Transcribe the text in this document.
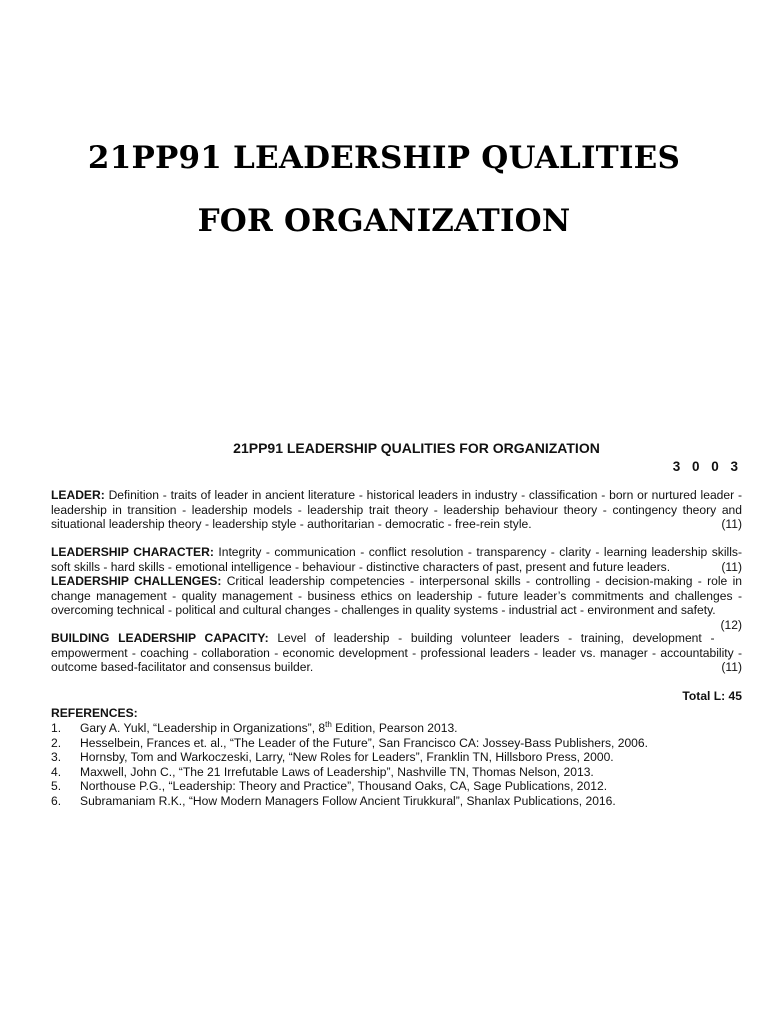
21PP91 LEADERSHIP QUALITIES
FOR ORGANIZATION

21PP91 LEADERSHIP QUALITIES FOR ORGANIZATION

3 0 0 3

LEADER: Definition - traits of leader in ancient literature - historical leaders in industry - classification - born or nurtured leader - leadership in transition - leadership models - leadership trait theory - leadership behaviour theory - contingency theory and situational leadership theory - leadership style - authoritarian - democratic - free-rein style.	(11)

LEADERSHIP CHARACTER: Integrity - communication - conflict resolution - transparency - clarity - learning leadership skills-soft skills - hard skills - emotional intelligence - behaviour - distinctive characters of past, present and future leaders.	(11)

LEADERSHIP CHALLENGES: Critical leadership competencies - interpersonal skills - controlling - decision-making - role in change management - quality management - business ethics on leadership - future leader’s commitments and challenges - overcoming technical - political and cultural changes - challenges in quality systems - industrial act - environment and safety.
(12)

BUILDING LEADERSHIP CAPACITY: Level of leadership - building volunteer leaders - training, development - empowerment - coaching - collaboration - economic development - professional leaders - leader vs. manager - accountability - outcome based-facilitator and consensus builder.	(11)

Total L: 45
REFERENCES:
1.	Gary A. Yukl, “Leadership in Organizations”, 8th Edition, Pearson 2013.
2.	Hesselbein, Frances et. al., “The Leader of the Future”, San Francisco CA: Jossey-Bass Publishers, 2006.
3.	Hornsby, Tom and Warkoczeski, Larry, “New Roles for Leaders”, Franklin TN, Hillsboro Press, 2000.
4.	Maxwell, John C., “The 21 Irrefutable Laws of Leadership”, Nashville TN, Thomas Nelson, 2013.
5.	Northouse P.G., “Leadership: Theory and Practice”, Thousand Oaks, CA, Sage Publications, 2012.
6.	Subramaniam R.K., “How Modern Managers Follow Ancient Tirukkural”, Shanlax Publications, 2016.
